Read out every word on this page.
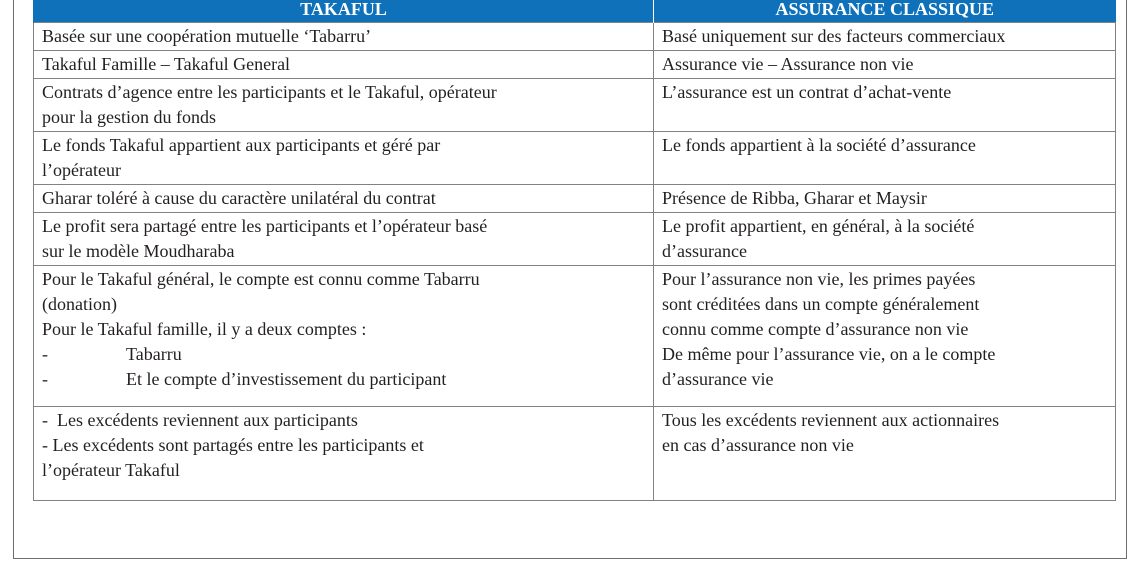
TAKAFUL	ASSURANCE CLASSIQUE

Basée sur une coopération mutuelle ‘Tabarru’	Basé uniquement sur des facteurs commerciaux

Takaful Famille – Takaful General	Assurance vie – Assurance non vie

Contrats d’agence entre les participants et le Takaful, opérateur
pour la gestion du fonds	L’assurance est un contrat d’achat-vente

Le fonds Takaful appartient aux participants et géré par
l’opérateur	Le fonds appartient à la société d’assurance

Gharar toléré à cause du caractère unilatéral du contrat	Présence de Ribba, Gharar et Maysir

Le profit sera partagé entre les participants et l’opérateur basé
sur le modèle Moudharaba	Le profit appartient, en général, à la société
d’assurance

Pour le Takaful général, le compte est connu comme Tabarru
(donation)
Pour le Takaful famille, il y a deux comptes :
- Tabarru
- Et le compte d’investissement du participant	Pour l’assurance non vie, les primes payées
sont créditées dans un compte généralement
connu comme compte d’assurance non vie
De même pour l’assurance vie, on a le compte
d’assurance vie

-  Les excédents reviennent aux participants
- Les excédents sont partagés entre les participants et
l’opérateur Takaful	Tous les excédents reviennent aux actionnaires
en cas d’assurance non vie
